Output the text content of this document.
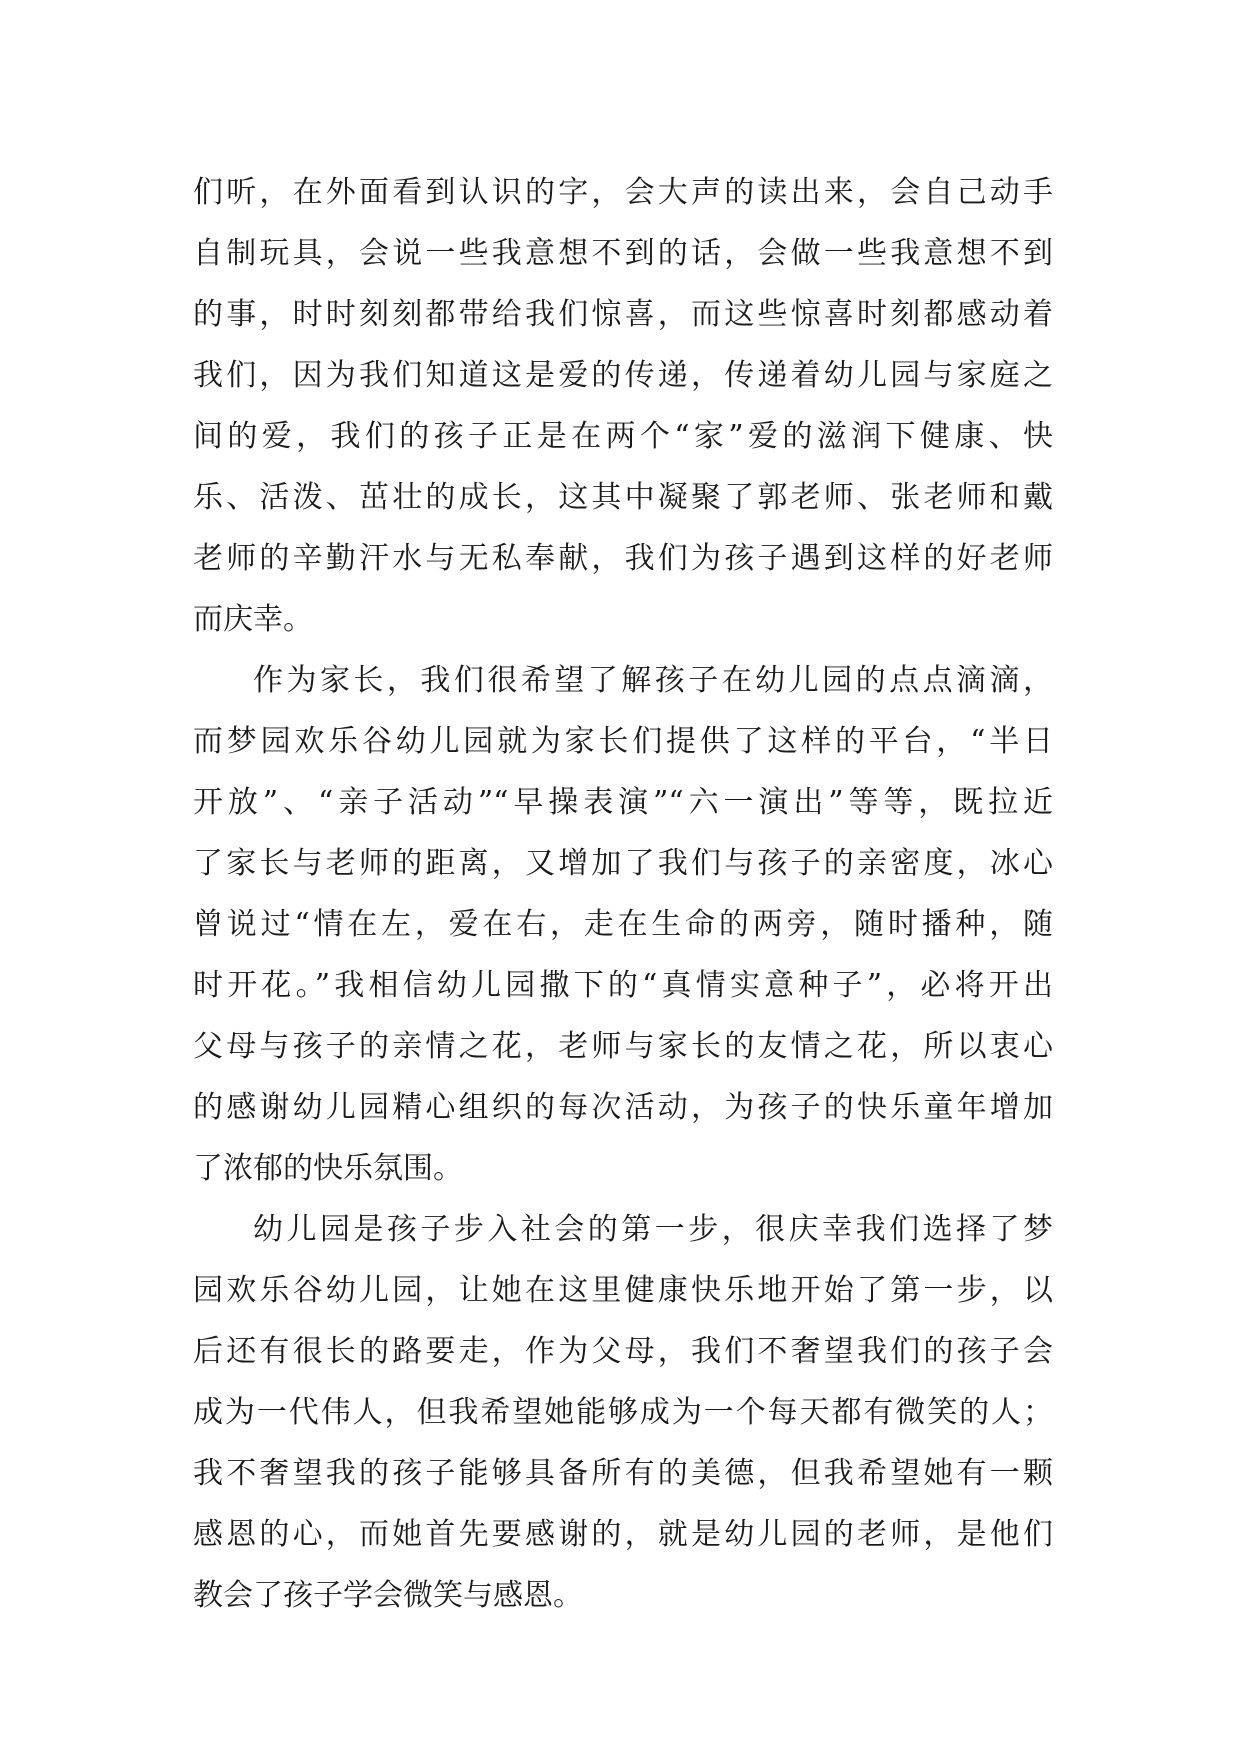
们听，在外面看到认识的字，会大声的读出来，会自己动手
自制玩具，会说一些我意想不到的话，会做一些我意想不到
的事，时时刻刻都带给我们惊喜，而这些惊喜时刻都感动着
我们，因为我们知道这是爱的传递，传递着幼儿园与家庭之
间的爱，我们的孩子正是在两个“家”爱的滋润下健康、快
乐、活泼、茁壮的成长，这其中凝聚了郭老师、张老师和戴
老师的辛勤汗水与无私奉献，我们为孩子遇到这样的好老师
而庆幸。
作为家长，我们很希望了解孩子在幼儿园的点点滴滴，
而梦园欢乐谷幼儿园就为家长们提供了这样的平台，“半日
开放”、“亲子活动”“早操表演”“六一演出”等等，既拉近
了家长与老师的距离，又增加了我们与孩子的亲密度，冰心
曾说过“情在左，爱在右，走在生命的两旁，随时播种，随
时开花。”我相信幼儿园撒下的“真情实意种子”，必将开出
父母与孩子的亲情之花，老师与家长的友情之花，所以衷心
的感谢幼儿园精心组织的每次活动，为孩子的快乐童年增加
了浓郁的快乐氛围。
幼儿园是孩子步入社会的第一步，很庆幸我们选择了梦
园欢乐谷幼儿园，让她在这里健康快乐地开始了第一步，以
后还有很长的路要走，作为父母，我们不奢望我们的孩子会
成为一代伟人，但我希望她能够成为一个每天都有微笑的人；
我不奢望我的孩子能够具备所有的美德，但我希望她有一颗
感恩的心，而她首先要感谢的，就是幼儿园的老师，是他们
教会了孩子学会微笑与感恩。
